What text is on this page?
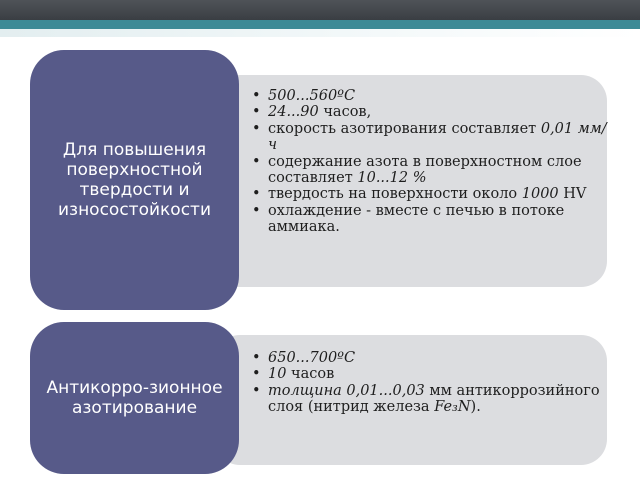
Для повышения поверхностной твердости и износостойкости
• 500...560ºС
• 24...90 часов,
• скорость азотирования составляет 0,01 мм/ч
• содержание азота в поверхностном слое составляет 10...12 %
• твердость на поверхности около 1000 HV
• охлаждение - вместе с печью в потоке аммиака.
Антикорро-зионное азотирование
• 650...700ºС
• 10 часов
• толщина 0,01...0,03 мм антикоррозийного слоя (нитрид железа Fe₃N).
